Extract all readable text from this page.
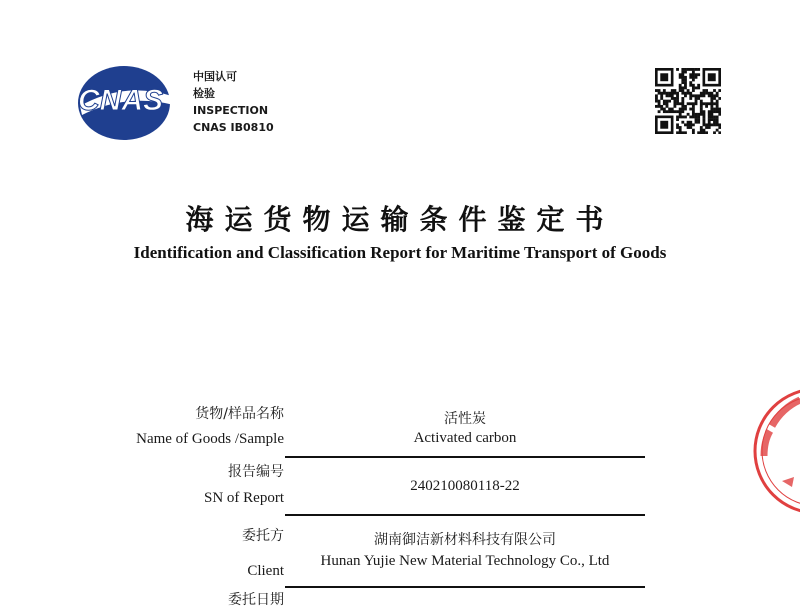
CNAS
中国认可
检验
INSPECTION
CNAS IB0810
海运货物运输条件鉴定书
Identification and Classification Report for Maritime Transport of Goods
货物/样品名称
Name of Goods /Sample
活性炭
Activated carbon
报告编号
SN of Report
240210080118-22
委托方
Client
湖南御洁新材料科技有限公司
Hunan Yujie New Material Technology Co., Ltd
委托日期
